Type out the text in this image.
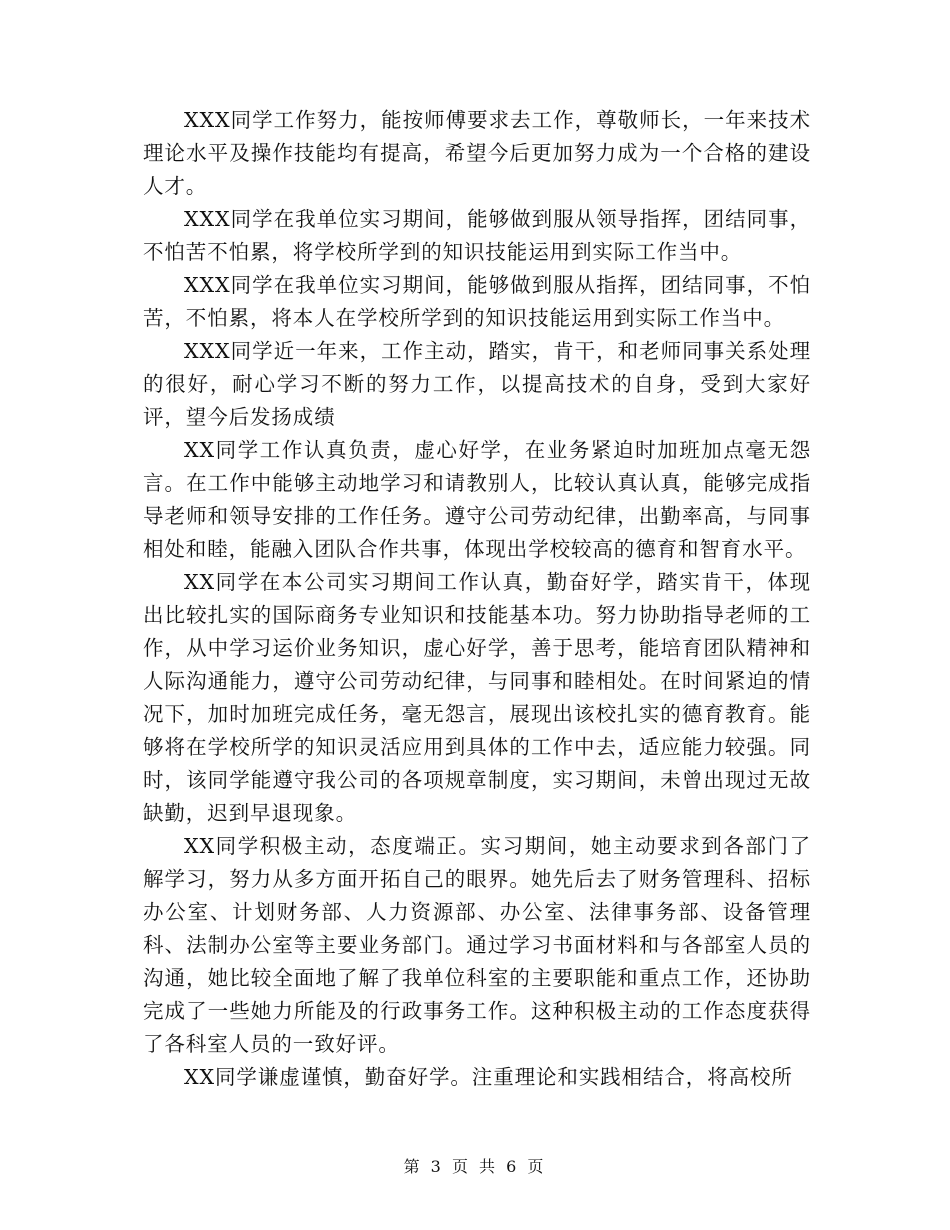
XXX同学工作努力，能按师傅要求去工作，尊敬师长，一年来技术理论水平及操作技能均有提高，希望今后更加努力成为一个合格的建设人才。

XXX同学在我单位实习期间，能够做到服从领导指挥，团结同事，不怕苦不怕累，将学校所学到的知识技能运用到实际工作当中。

XXX同学在我单位实习期间，能够做到服从指挥，团结同事，不怕苦，不怕累，将本人在学校所学到的知识技能运用到实际工作当中。

XXX同学近一年来，工作主动，踏实，肯干，和老师同事关系处理的很好，耐心学习不断的努力工作，以提高技术的自身，受到大家好评，望今后发扬成绩

XX同学工作认真负责，虚心好学，在业务紧迫时加班加点毫无怨言。在工作中能够主动地学习和请教别人，比较认真认真，能够完成指导老师和领导安排的工作任务。遵守公司劳动纪律，出勤率高，与同事相处和睦，能融入团队合作共事，体现出学校较高的德育和智育水平。

XX同学在本公司实习期间工作认真，勤奋好学，踏实肯干，体现出比较扎实的国际商务专业知识和技能基本功。努力协助指导老师的工作，从中学习运价业务知识，虚心好学，善于思考，能培育团队精神和人际沟通能力，遵守公司劳动纪律，与同事和睦相处。在时间紧迫的情况下，加时加班完成任务，毫无怨言，展现出该校扎实的德育教育。能够将在学校所学的知识灵活应用到具体的工作中去，适应能力较强。同时，该同学能遵守我公司的各项规章制度，实习期间，未曾出现过无故缺勤，迟到早退现象。

XX同学积极主动，态度端正。实习期间，她主动要求到各部门了解学习，努力从多方面开拓自己的眼界。她先后去了财务管理科、招标办公室、计划财务部、人力资源部、办公室、法律事务部、设备管理科、法制办公室等主要业务部门。通过学习书面材料和与各部室人员的沟通，她比较全面地了解了我单位科室的主要职能和重点工作，还协助完成了一些她力所能及的行政事务工作。这种积极主动的工作态度获得了各科室人员的一致好评。

XX同学谦虚谨慎，勤奋好学。注重理论和实践相结合，将高校所

第 3 页 共 6 页
